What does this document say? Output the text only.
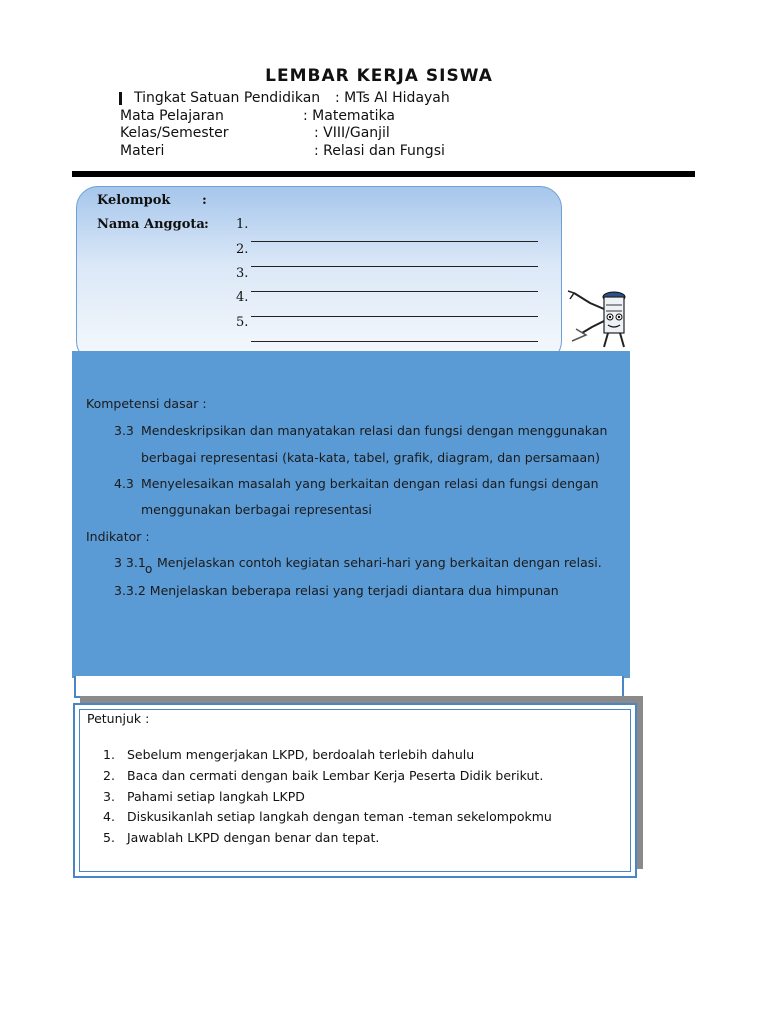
LEMBAR KERJA SISWA
Tingkat Satuan Pendidikan : MTs Al Hidayah
Mata Pelajaran	: Matematika
Kelas/Semester	: VIII/Ganjil
Materi	: Relasi dan Fungsi
Kelompok :
Nama Anggota : 1.
2.
3.
4.
5.
Kompetensi dasar :
3.3 Mendeskripsikan dan manyatakan relasi dan fungsi dengan menggunakan
berbagai representasi (kata-kata, tabel, grafik, diagram, dan persamaan)
4.3 Menyelesaikan masalah yang berkaitan dengan relasi dan fungsi dengan
menggunakan berbagai representasi
Indikator :
3 3.1 o Menjelaskan contoh kegiatan sehari-hari yang berkaitan dengan relasi.
3.3.2 Menjelaskan beberapa relasi yang terjadi diantara dua himpunan
Petunjuk :
1. Sebelum mengerjakan LKPD, berdoalah terlebih dahulu
2. Baca dan cermati dengan baik Lembar Kerja Peserta Didik berikut.
3. Pahami setiap langkah LKPD
4. Diskusikanlah setiap langkah dengan teman -teman sekelompokmu
5. Jawablah LKPD dengan benar dan tepat.
